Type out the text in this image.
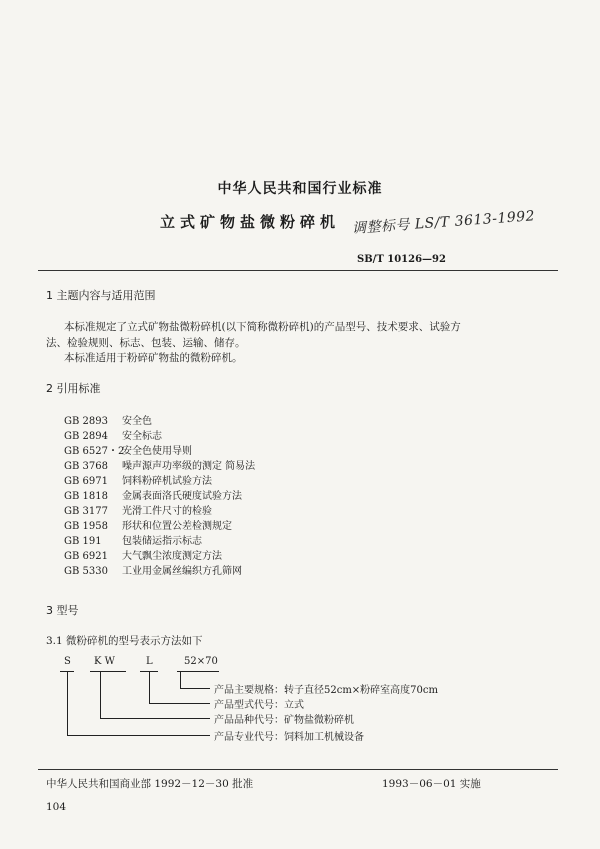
中华人民共和国行业标准
立式矿物盐微粉碎机 调整标号 LS/T 3613-1992
SB/T 10126—92
1 主题内容与适用范围
本标准规定了立式矿物盐微粉碎机(以下简称微粉碎机)的产品型号、技术要求、试验方
法、检验规则、标志、包装、运输、储存。
本标准适用于粉碎矿物盐的微粉碎机。
2 引用标准
GB 2893 安全色
GB 2894 安全标志
GB 6527・2安全色使用导则
GB 3768 噪声源声功率级的测定 简易法
GB 6971 饲料粉碎机试验方法
GB 1818 金属表面洛氏硬度试验方法
GB 3177 光滑工件尺寸的检验
GB 1958 形状和位置公差检测规定
GB 191 包装储运指示标志
GB 6921 大气飘尘浓度测定方法
GB 5330 工业用金属丝编织方孔筛网
3 型号
3.1 微粉碎机的型号表示方法如下
S K W	L	52×70
产品主要规格：转子直径52cm×粉碎室高度70cm
产品型式代号：立式
产品品种代号：矿物盐微粉碎机
产品专业代号：饲料加工机械设备
中华人民共和国商业部 1992－12－30 批准	1993－06－01 实施
104
